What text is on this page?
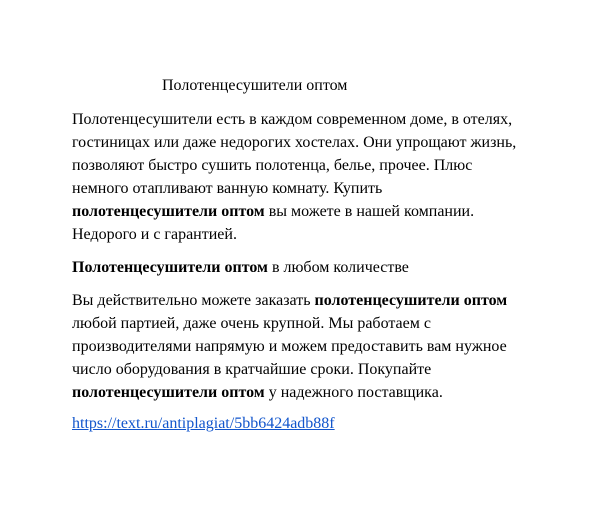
Полотенцесушители оптом
Полотенцесушители есть в каждом современном доме, в отелях,
гостиницах или даже недорогих хостелах. Они упрощают жизнь,
позволяют быстро сушить полотенца, белье, прочее. Плюс
немного отапливают ванную комнату. Купить
полотенцесушители оптом вы можете в нашей компании.
Недорого и с гарантией.
Полотенцесушители оптом в любом количестве
Вы действительно можете заказать полотенцесушители оптом
любой партией, даже очень крупной. Мы работаем с
производителями напрямую и можем предоставить вам нужное
число оборудования в кратчайшие сроки. Покупайте
полотенцесушители оптом у надежного поставщика.
https://text.ru/antiplagiat/5bb6424adb88f
